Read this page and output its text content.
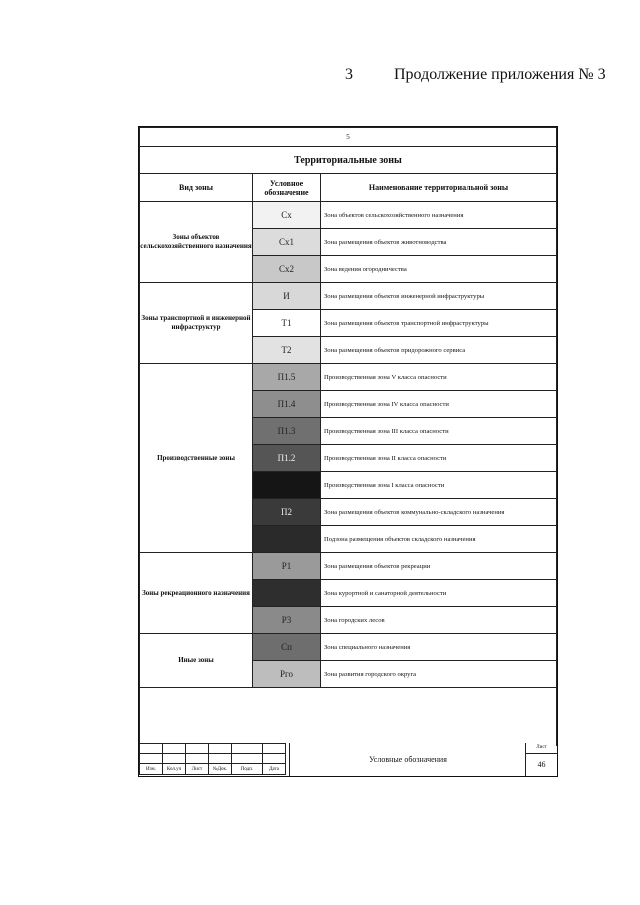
3	Продолжение приложения № 3
5		
Территориальные зоны		
Вид зоны	Условное обозначение	Наименование территориальной зоны
Зоны объектов сельскохозяйственного назначения	Сх	Зона объектов сельскохозяйственного назначения
	Сх1	Зона размещения объектов животноводства
	Сх2	Зона ведения огородничества
Зоны транспортной и инженерной инфраструктур	И	Зона размещения объектов инженерной инфраструктуры
	Т1	Зона размещения объектов транспортной инфраструктуры
	Т2	Зона размещения объектов придорожного сервиса
Производственные зоны	П1.5	Производственная зона V класса опасности
	П1.4	Производственная зона IV класса опасности
	П1.3	Производственная зона III класса опасности
	П1.2	Производственная зона II класса опасности
		Производственная зона I класса опасности
	П2	Зона размещения объектов коммунально-складского назначения
		Подзона размещения объектов складского назначения
Зоны рекреационного назначения	Р1	Зона размещения объектов рекреации
		Зона курортной и санаторной деятельности
	Р3	Зона городских лесов
Иные зоны	Сп	Зона специального назначения
	Рго	Зона развития городского округа

Изм.	Кол.уч	Лист	№Док.	Подп.	Дата
Условные обозначения
Лист
46
